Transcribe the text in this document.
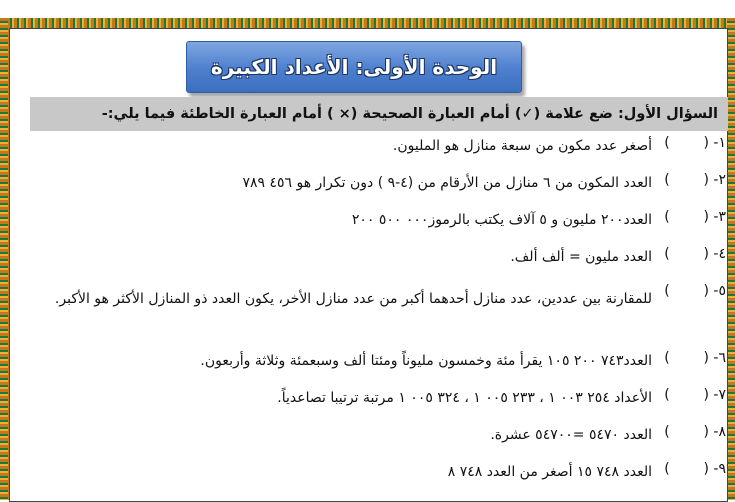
الوحدة الأولى: الأعداد الكبيرة
السؤال الأول: ضع علامة (✓) أمام العبارة الصحيحة (× ) أمام العبارة الخاطئة فيما يلي:-
١- (
)
أصغر عدد مكون من سبعة منازل هو المليون.
٢- (
)
العدد المكون من ٦ منازل من الأرقام من (٤-٩ ) دون تكرار هو ٤٥٦ ٧٨٩
٣- (
)
العدد٢٠٠ مليون و ٥ آلاف يكتب بالرموز٠٠٠ ٥٠٠ ٢٠٠
٤- (
)
العدد مليون = ألف ألف.
٥- (
)
للمقارنة بين عددين، عدد منازل أحدهما أكبر من عدد منازل الأخر، يكون العدد ذو المنازل الأكثر هو الأكبر.
٦- (
)
العدد٧٤٣ ٢٠٠ ١٠٥ يقرأ مئة وخمسون مليوناً ومئتا ألف وسبعمئة وثلاثة وأربعون.
٧- (
)
الأعداد ٢٥٤ ٠٠٣ ١ ، ٢٣٣ ٠٠٥ ١ ، ٣٢٤ ٠٠٥ ١ مرتبة ترتيبا تصاعدياً.
٨- (
)
العدد ٥٤٧٠ =٥٤٧٠٠ عشرة.
٩- (
)
العدد ٧٤٨ ١٥ أصغر من العدد ٧٤٨ ٨
